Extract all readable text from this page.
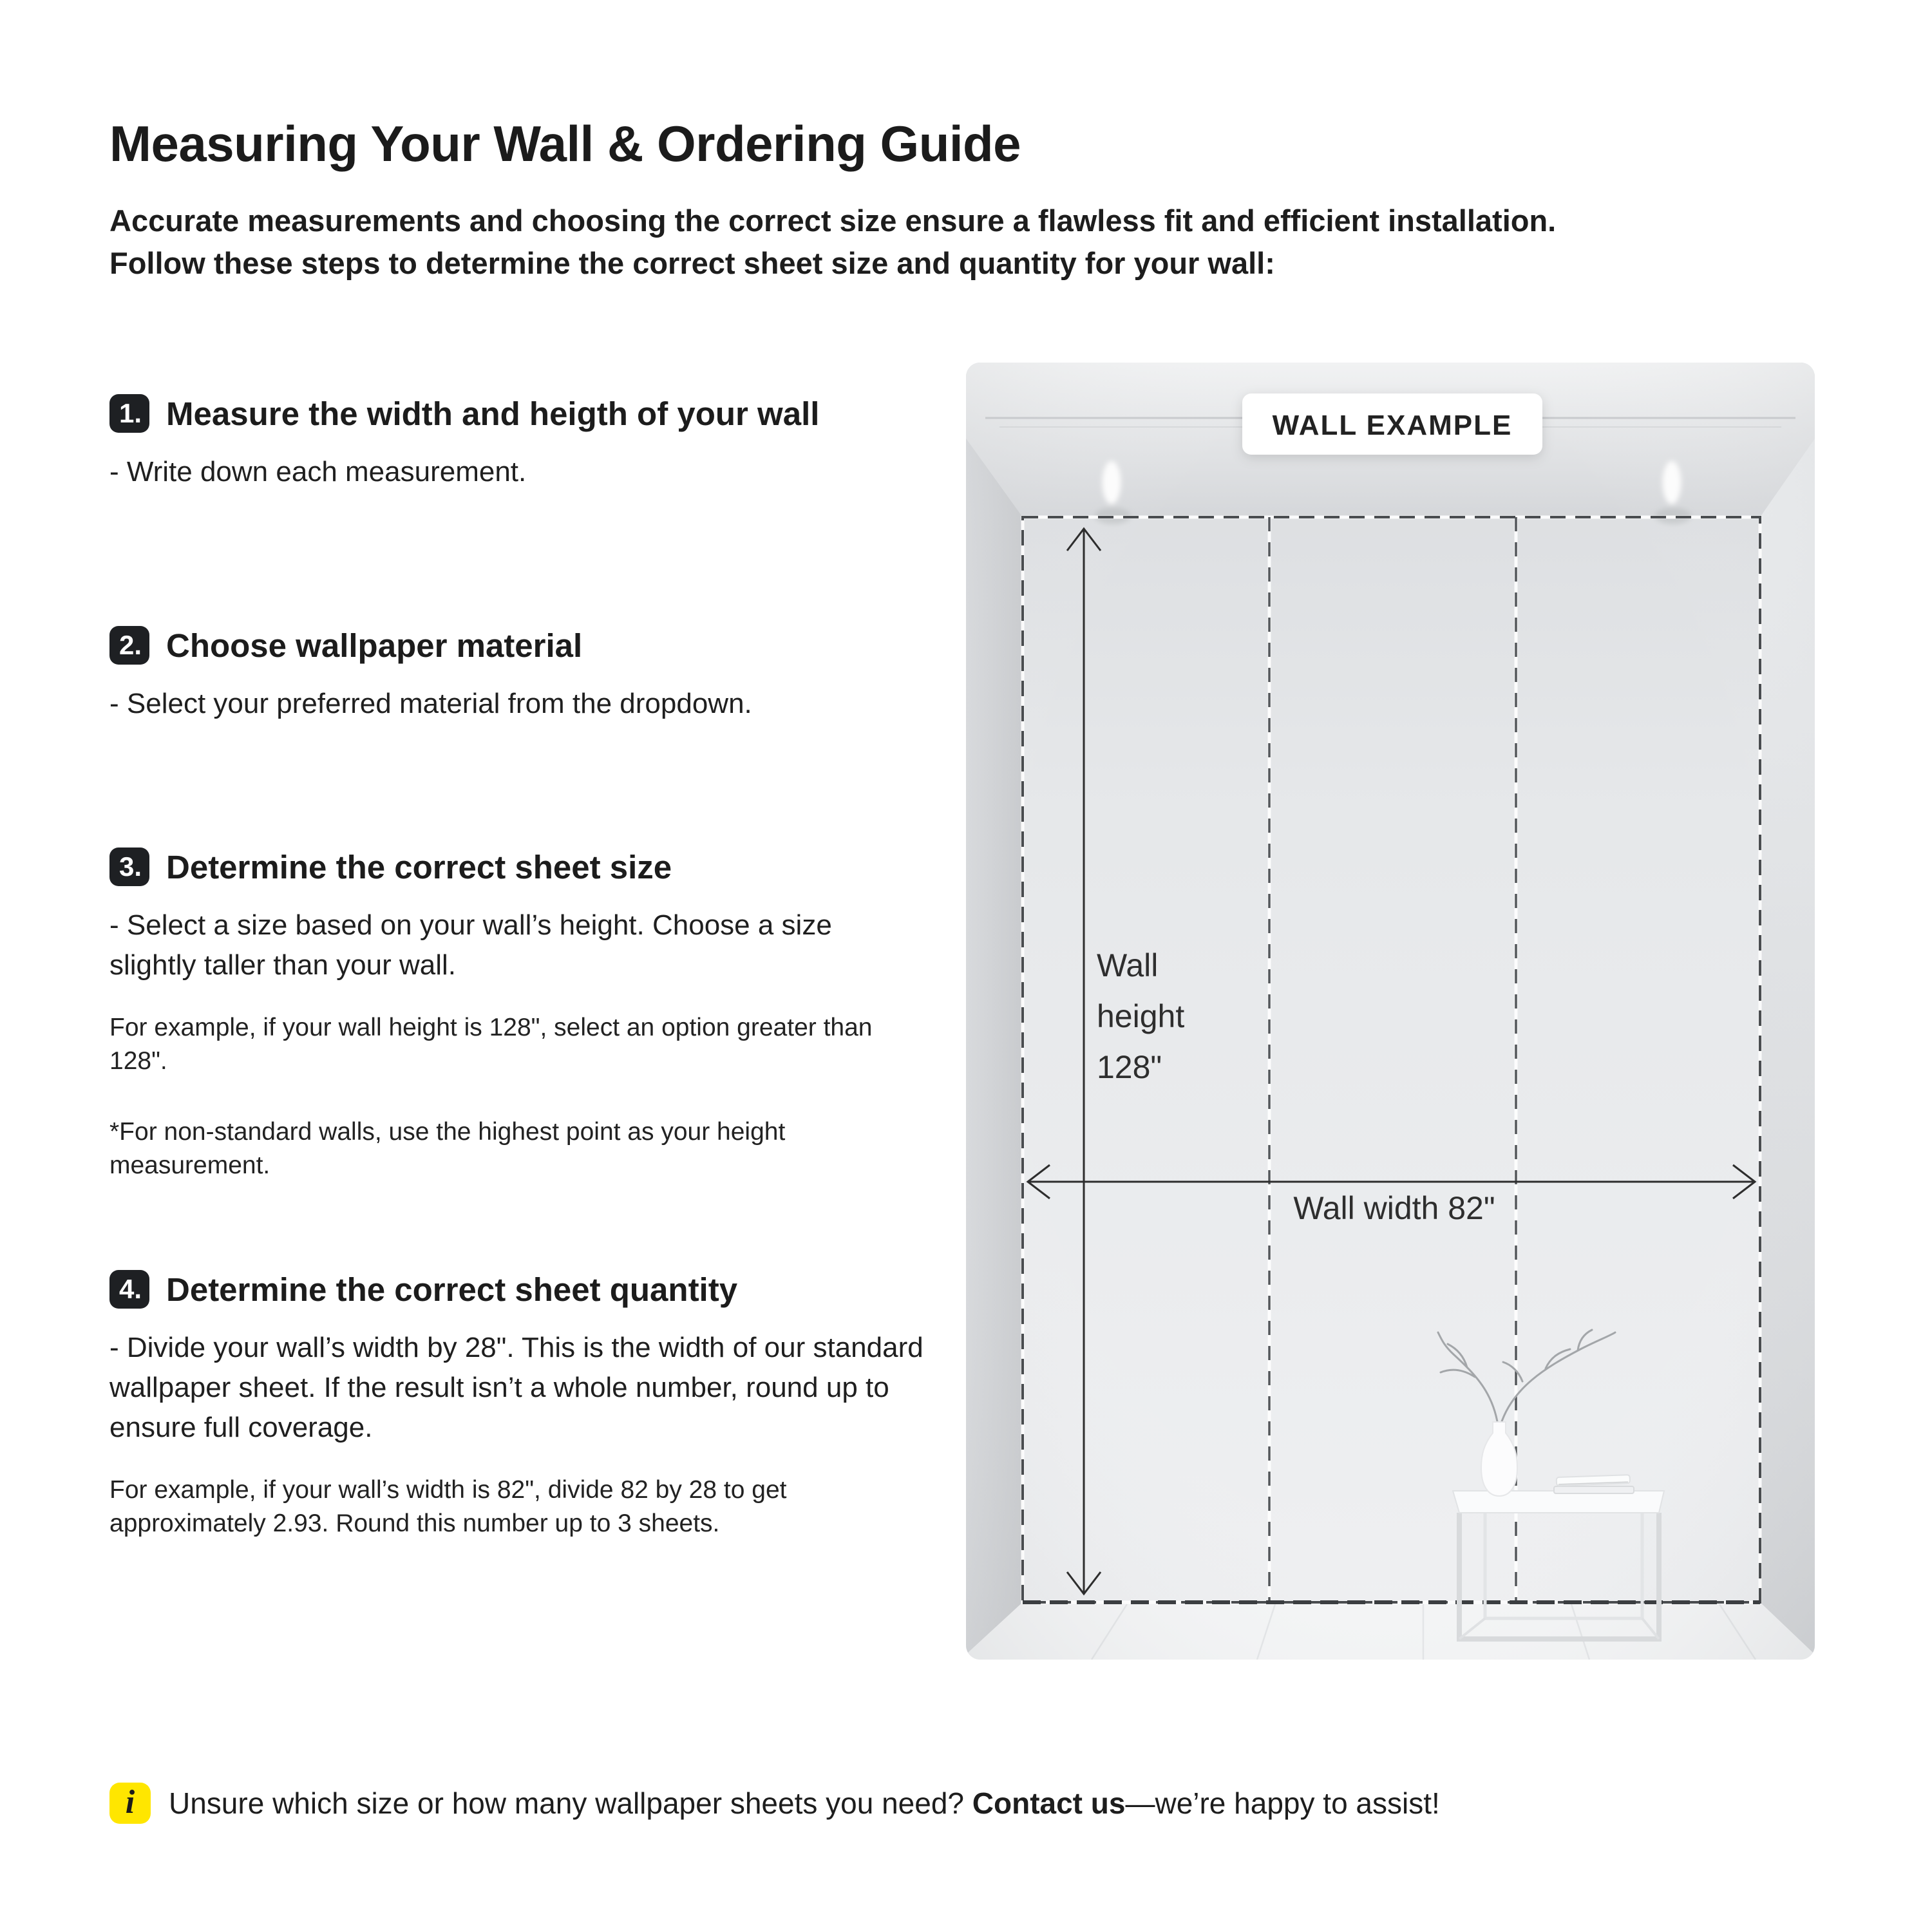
Measuring Your Wall & Ordering Guide
Accurate measurements and choosing the correct size ensure a flawless fit and efficient installation.
Follow these steps to determine the correct sheet size and quantity for your wall:
1. Measure the width and heigth of your wall

- Write down each measurement.

2. Choose wallpaper material

- Select your preferred material from the dropdown.

3. Determine the correct sheet size

- Select a size based on your wall’s height. Choose a size slightly taller than your wall.

For example, if your wall height is 128", select an option greater than 128".

*For non-standard walls, use the highest point as your height measurement.

4. Determine the correct sheet quantity

- Divide your wall’s width by 28". This is the width of our standard wallpaper sheet. If the result isn’t a whole number, round up to ensure full coverage.

For example, if your wall’s width is 82", divide 82 by 28 to get approximately 2.93. Round this number up to 3 sheets.

i	Unsure which size or how many wallpaper sheets you need? Contact us—we’re happy to assist!
Wall
height
128"
Wall width 82"
WALL EXAMPLE
